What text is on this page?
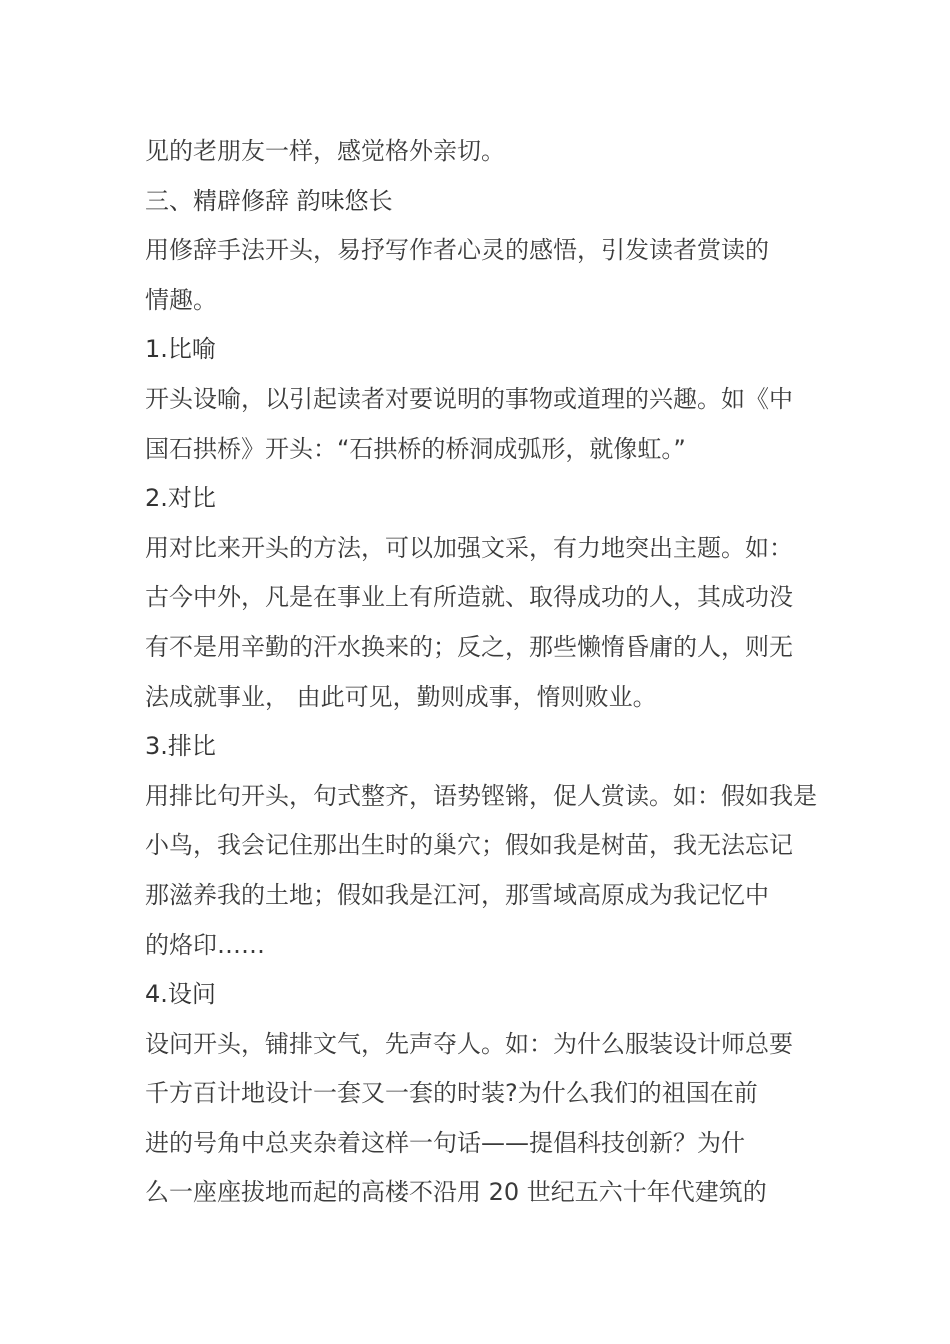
见的老朋友一样，感觉格外亲切。
三、精辟修辞 韵味悠长
用修辞手法开头，易抒写作者心灵的感悟，引发读者赏读的
情趣。
1.比喻
开头设喻，以引起读者对要说明的事物或道理的兴趣。如《中
国石拱桥》开头：“石拱桥的桥洞成弧形，就像虹。”
2.对比
用对比来开头的方法，可以加强文采，有力地突出主题。如：
古今中外，凡是在事业上有所造就、取得成功的人，其成功没
有不是用辛勤的汗水换来的；反之，那些懒惰昏庸的人，则无
法成就事业， 由此可见，勤则成事，惰则败业。
3.排比
用排比句开头，句式整齐，语势铿锵，促人赏读。如：假如我是
小鸟，我会记住那出生时的巢穴；假如我是树苗，我无法忘记
那滋养我的土地；假如我是江河，那雪域高原成为我记忆中
的烙印……
4.设问
设问开头，铺排文气，先声夺人。如：为什么服装设计师总要
千方百计地设计一套又一套的时装?为什么我们的祖国在前
进的号角中总夹杂着这样一句话——提倡科技创新？为什
么一座座拔地而起的高楼不沿用 20 世纪五六十年代建筑的
